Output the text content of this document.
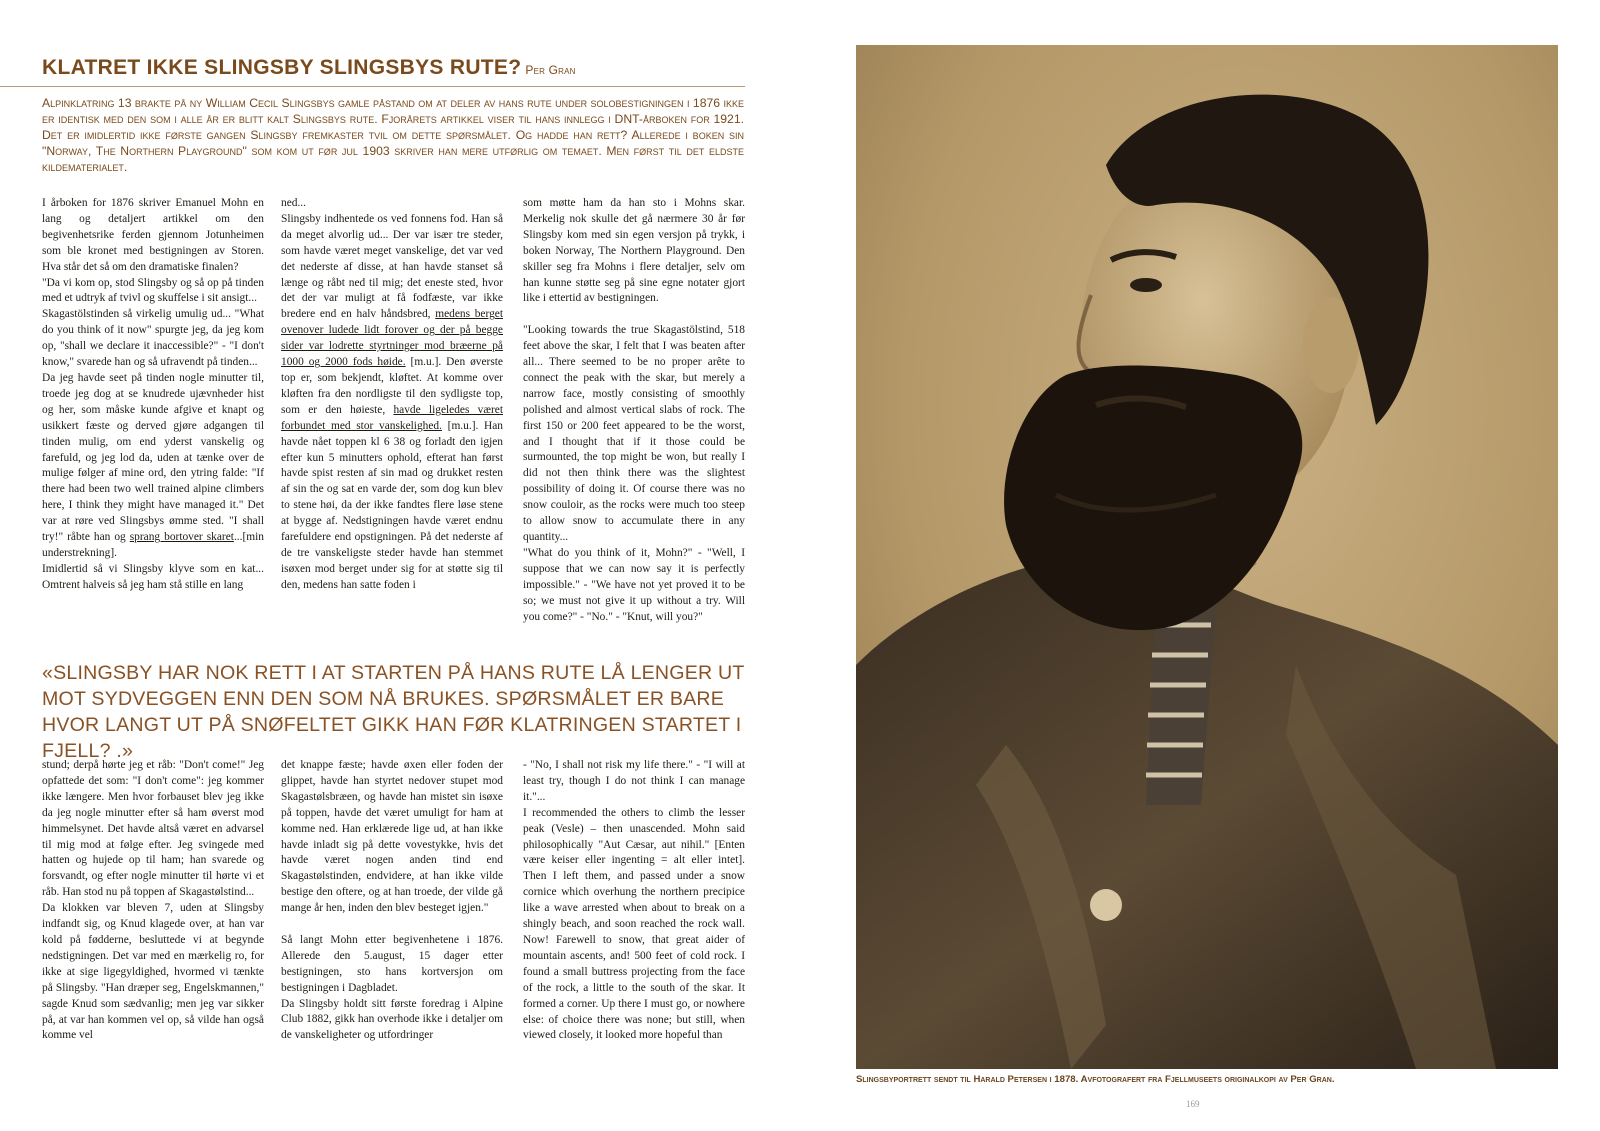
KLATRET IKKE SLINGSBY SLINGSBYS RUTE? Per Gran
Alpinklatring 13 brakte på ny William Cecil Slingsbys gamle påstand om at deler av hans rute under solobestigningen i 1876 ikke er identisk med den som i alle år er blitt kalt Slingsbys rute. Fjorårets artikkel viser til hans innlegg i DNT-årboken for 1921. Det er imidlertid ikke første gangen Slingsby fremkaster tvil om dette spørsmålet. Og hadde han rett? Allerede i boken sin "Norway, The Northern Playground" som kom ut før jul 1903 skriver han mere utførlig om temaet. Men først til det eldste kildematerialet.

I årboken for 1876 skriver Emanuel Mohn en lang og detaljert artikkel om den begivenhetsrike ferden gjennom Jotunheimen som ble kronet med bestigningen av Storen. Hva står det så om den dramatiske finalen?

"Da vi kom op, stod Slingsby og så op på tinden med et udtryk af tvivl og skuffelse i sit ansigt...

Skagastölstinden så virkelig umulig ud... "What do you think of it now" spurgte jeg, da jeg kom op, "shall we declare it inaccessible?" - "I don't know," svarede han og så ufravendt på tinden...

Da jeg havde seet på tinden nogle minutter til, troede jeg dog at se knudrede ujævnheder hist og her, som måske kunde afgive et knapt og usikkert fæste og derved gjøre adgangen til tinden mulig, om end yderst vanskelig og farefuld, og jeg lod da, uden at tænke over de mulige følger af mine ord, den ytring falde: "If there had been two well trained alpine climbers here, I think they might have managed it." Det var at røre ved Slingsbys ømme sted. "I shall try!" råbte han og sprang bortover skaret...[min understrekning].

Imidlertid så vi Slingsby klyve som en kat... Omtrent halveis så jeg ham stå stille en lang

ned...

Slingsby indhentede os ved fonnens fod. Han så da meget alvorlig ud... Der var især tre steder, som havde været meget vanskelige, det var ved det nederste af disse, at han havde stanset så længe og råbt ned til mig; det eneste sted, hvor det der var muligt at få fodfæste, var ikke bredere end en halv håndsbred, medens berget ovenover ludede lidt forover og der på begge sider var lodrette styrtninger mod bræerne på 1000 og 2000 fods høide. [m.u.]. Den øverste top er, som bekjendt, kløftet. At komme over kløften fra den nordligste til den sydligste top, som er den høieste, havde ligeledes været forbundet med stor vanskelighed. [m.u.]. Han havde nået toppen kl 6 38 og forladt den igjen efter kun 5 minutters ophold, efterat han først havde spist resten af sin mad og drukket resten af sin the og sat en varde der, som dog kun blev to stene høi, da der ikke fandtes flere løse stene at bygge af. Nedstigningen havde været endnu farefuldere end opstigningen. På det nederste af de tre vanskeligste steder havde han stemmet isøxen mod berget under sig for at støtte sig til den, medens han satte foden i

som møtte ham da han sto i Mohns skar. Merkelig nok skulle det gå nærmere 30 år før Slingsby kom med sin egen versjon på trykk, i boken Norway, The Northern Playground. Den skiller seg fra Mohns i flere detaljer, selv om han kunne støtte seg på sine egne notater gjort like i ettertid av bestigningen.

"Looking towards the true Skagastölstind, 518 feet above the skar, I felt that I was beaten after all... There seemed to be no proper arête to connect the peak with the skar, but merely a narrow face, mostly consisting of smoothly polished and almost vertical slabs of rock. The first 150 or 200 feet appeared to be the worst, and I thought that if it those could be surmounted, the top might be won, but really I did not then think there was the slightest possibility of doing it. Of course there was no snow couloir, as the rocks were much too steep to allow snow to accumulate there in any quantity...

"What do you think of it, Mohn?" - "Well, I suppose that we can now say it is perfectly impossible." - "We have not yet proved it to be so; we must not give it up without a try. Will you come?" - "No." - "Knut, will you?"

«SLINGSBY HAR NOK RETT I AT STARTEN PÅ HANS RUTE LÅ LENGER UT MOT SYDVEGGEN ENN DEN SOM NÅ BRUKES. SPØRSMÅLET ER BARE HVOR LANGT UT PÅ SNØFELTET GIKK HAN FØR KLATRINGEN STARTET I FJELL? .»

stund; derpå hørte jeg et råb: "Don't come!" Jeg opfattede det som: "I don't come": jeg kommer ikke længere. Men hvor forbauset blev jeg ikke da jeg nogle minutter efter så ham øverst mod himmelsynet. Det havde altså været en advarsel til mig mod at følge efter. Jeg svingede med hatten og hujede op til ham; han svarede og forsvandt, og efter nogle minutter til hørte vi et råb. Han stod nu på toppen af Skagastølstind...

Da klokken var bleven 7, uden at Slingsby indfandt sig, og Knud klagede over, at han var kold på fødderne, besluttede vi at begynde nedstigningen. Det var med en mærkelig ro, for ikke at sige ligegyldighed, hvormed vi tænkte på Slingsby. "Han dræper seg, Engelskmannen," sagde Knud som sædvanlig; men jeg var sikker på, at var han kommen vel op, så vilde han også komme vel

det knappe fæste; havde øxen eller foden der glippet, havde han styrtet nedover stupet mod Skagastølsbræen, og havde han mistet sin isøxe på toppen, havde det været umuligt for ham at komme ned. Han erklærede lige ud, at han ikke havde inladt sig på dette vovestykke, hvis det havde været nogen anden tind end Skagastølstinden, endvidere, at han ikke vilde bestige den oftere, og at han troede, der vilde gå mange år hen, inden den blev besteget igjen."

Så langt Mohn etter begivenhetene i 1876. Allerede den 5.august, 15 dager etter bestigningen, sto hans kortversjon om bestigningen i Dagbladet.

Da Slingsby holdt sitt første foredrag i Alpine Club 1882, gikk han overhode ikke i detaljer om de vanskeligheter og utfordringer

- "No, I shall not risk my life there." - "I will at least try, though I do not think I can manage it."...

I recommended the others to climb the lesser peak (Vesle) – then unascended. Mohn said philosophically "Aut Cæsar, aut nihil." [Enten være keiser eller ingenting = alt eller intet]. Then I left them, and passed under a snow cornice which overhung the northern precipice like a wave arrested when about to break on a shingly beach, and soon reached the rock wall. Now! Farewell to snow, that great aider of mountain ascents, and! 500 feet of cold rock. I found a small buttress projecting from the face of the rock, a little to the south of the skar. It formed a corner. Up there I must go, or nowhere else: of choice there was none; but still, when viewed closely, it looked more hopeful than

Slingsbyportrett sendt til Harald Petersen i 1878. Avfotografert fra Fjellmuseets originalkopi av Per Gran.
169
